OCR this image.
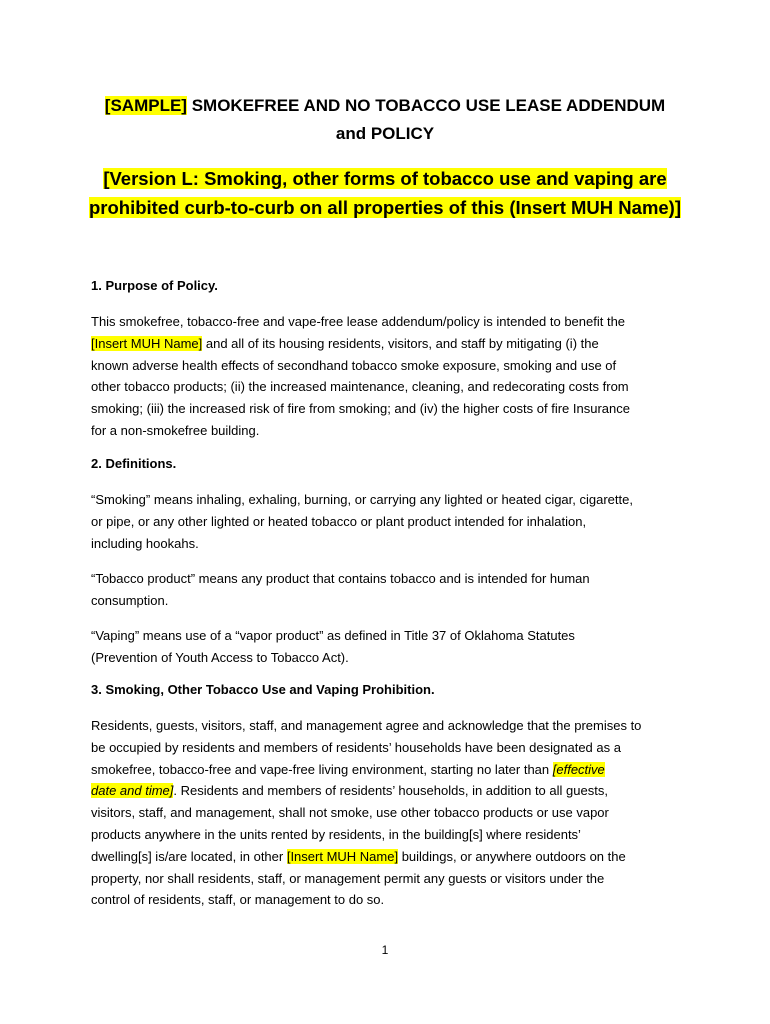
[SAMPLE] SMOKEFREE AND NO TOBACCO USE LEASE ADDENDUM
and POLICY
[Version L: Smoking, other forms of tobacco use and vaping are
prohibited curb-to-curb on all properties of this (Insert MUH Name)]
1. Purpose of Policy.
This smokefree, tobacco-free and vape-free lease addendum/policy is intended to benefit the
[Insert MUH Name] and all of its housing residents, visitors, and staff by mitigating (i) the
known adverse health effects of secondhand tobacco smoke exposure, smoking and use of
other tobacco products; (ii) the increased maintenance, cleaning, and redecorating costs from
smoking; (iii) the increased risk of fire from smoking; and (iv) the higher costs of fire Insurance
for a non-smokefree building.
2. Definitions.
“Smoking” means inhaling, exhaling, burning, or carrying any lighted or heated cigar, cigarette,
or pipe, or any other lighted or heated tobacco or plant product intended for inhalation,
including hookahs.
“Tobacco product” means any product that contains tobacco and is intended for human
consumption.
“Vaping” means use of a “vapor product” as defined in Title 37 of Oklahoma Statutes
(Prevention of Youth Access to Tobacco Act).
3. Smoking, Other Tobacco Use and Vaping Prohibition.
Residents, guests, visitors, staff, and management agree and acknowledge that the premises to
be occupied by residents and members of residents’ households have been designated as a
smokefree, tobacco-free and vape-free living environment, starting no later than [effective
date and time]. Residents and members of residents’ households, in addition to all guests,
visitors, staff, and management, shall not smoke, use other tobacco products or use vapor
products anywhere in the units rented by residents, in the building[s] where residents’
dwelling[s] is/are located, in other [Insert MUH Name] buildings, or anywhere outdoors on the
property, nor shall residents, staff, or management permit any guests or visitors under the
control of residents, staff, or management to do so.
1
